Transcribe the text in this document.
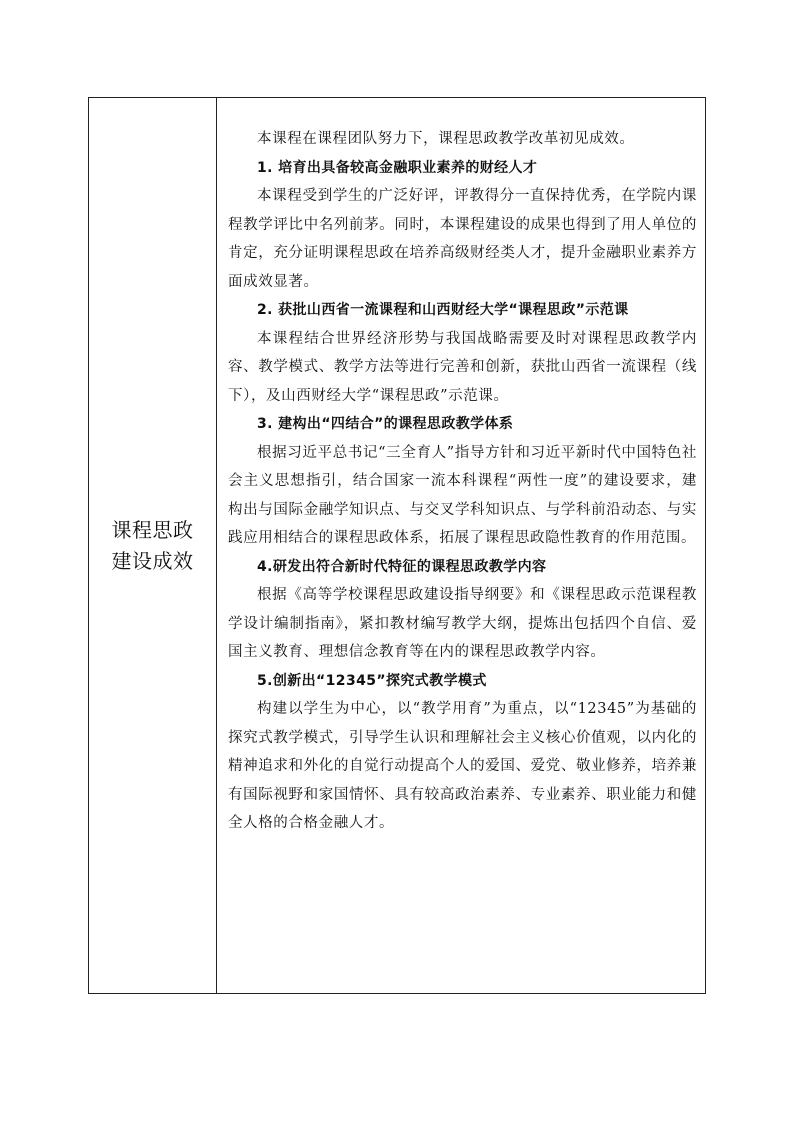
课程思政
建设成效

本课程在课程团队努力下，课程思政教学改革初见成效。

1. 培育出具备较高金融职业素养的财经人才

本课程受到学生的广泛好评，评教得分一直保持优秀，在学院内课程教学评比中名列前茅。同时，本课程建设的成果也得到了用人单位的肯定，充分证明课程思政在培养高级财经类人才，提升金融职业素养方面成效显著。

2. 获批山西省一流课程和山西财经大学“课程思政”示范课

本课程结合世界经济形势与我国战略需要及时对课程思政教学内容、教学模式、教学方法等进行完善和创新，获批山西省一流课程（线下），及山西财经大学“课程思政”示范课。

3. 建构出“四结合”的课程思政教学体系

根据习近平总书记“三全育人”指导方针和习近平新时代中国特色社会主义思想指引，结合国家一流本科课程“两性一度”的建设要求，建构出与国际金融学知识点、与交叉学科知识点、与学科前沿动态、与实践应用相结合的课程思政体系，拓展了课程思政隐性教育的作用范围。

4.研发出符合新时代特征的课程思政教学内容

根据《高等学校课程思政建设指导纲要》和《课程思政示范课程教学设计编制指南》，紧扣教材编写教学大纲，提炼出包括四个自信、爱国主义教育、理想信念教育等在内的课程思政教学内容。

5.创新出“12345”探究式教学模式

构建以学生为中心，以“教学用育”为重点，以“12345”为基础的探究式教学模式，引导学生认识和理解社会主义核心价值观，以内化的精神追求和外化的自觉行动提高个人的爱国、爱党、敬业修养，培养兼有国际视野和家国情怀、具有较高政治素养、专业素养、职业能力和健全人格的合格金融人才。
